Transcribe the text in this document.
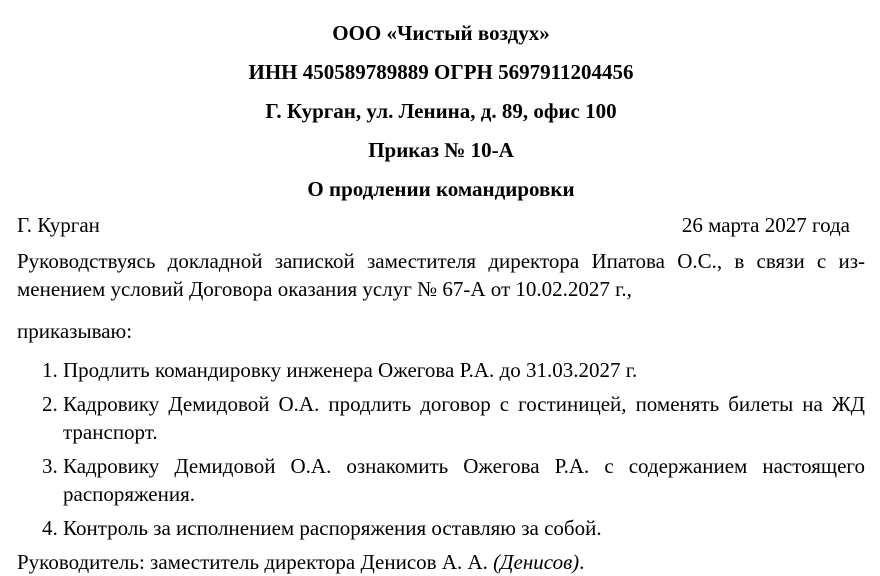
ООО «Чистый воздух»

ИНН 450589789889 ОГРН 5697911204456

Г. Курган, ул. Ленина, д. 89, офис 100

Приказ № 10-А

О продлении командировки

Г. Курган	26 марта 2027 года

Руководствуясь докладной запиской заместителя директора Ипатова О.С., в связи с изменением условий Договора оказания услуг № 67-А от 10.02.2027 г.,

приказываю:

1. Продлить командировку инженера Ожегова Р.А. до 31.03.2027 г.
2. Кадровику Демидовой О.А. продлить договор с гостиницей, поменять билеты на ЖД транспорт.
3. Кадровику Демидовой О.А. ознакомить Ожегова Р.А. с содержанием настоящего распоряжения.
4. Контроль за исполнением распоряжения оставляю за собой.

Руководитель: заместитель директора Денисов А. А. (Денисов).
